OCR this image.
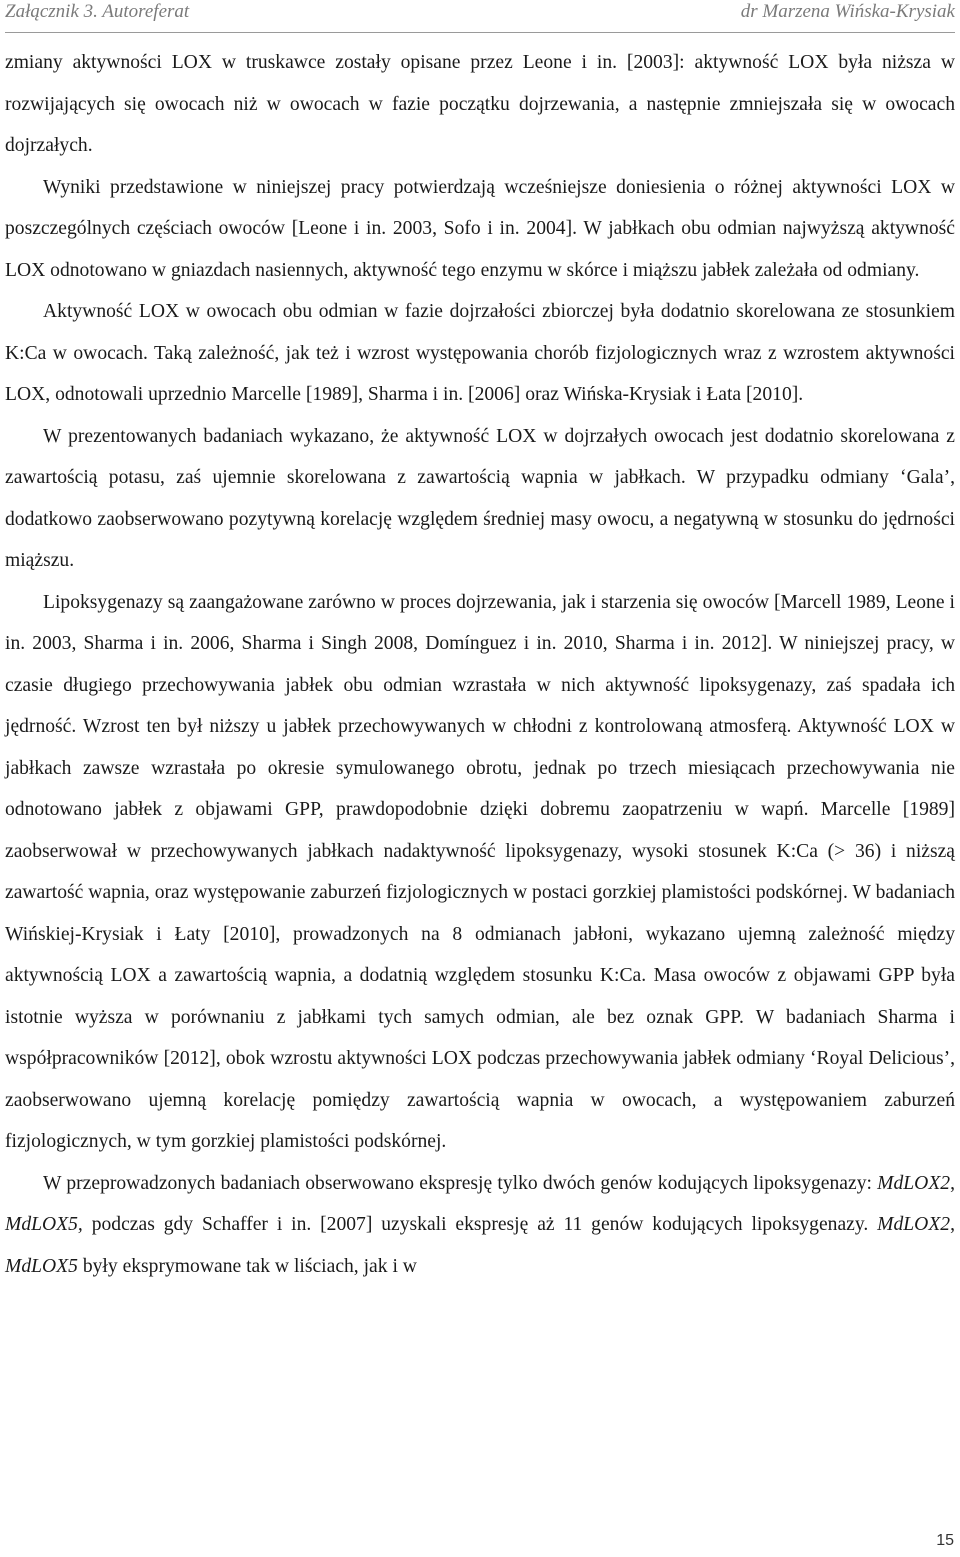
Załącznik 3. Autoreferat	dr Marzena Wińska-Krysiak

zmiany aktywności LOX w truskawce zostały opisane przez Leone i in. [2003]: aktywność LOX była niższa w rozwijających się owocach niż w owocach w fazie początku dojrzewania, a następnie zmniejszała się w owocach dojrzałych.

Wyniki przedstawione w niniejszej pracy potwierdzają wcześniejsze doniesienia o różnej aktywności LOX w poszczególnych częściach owoców [Leone i in. 2003, Sofo i in. 2004]. W jabłkach obu odmian najwyższą aktywność LOX odnotowano w gniazdach nasiennych, aktywność tego enzymu w skórce i miąższu jabłek zależała od odmiany.

Aktywność LOX w owocach obu odmian w fazie dojrzałości zbiorczej była dodatnio skorelowana ze stosunkiem K:Ca w owocach. Taką zależność, jak też i wzrost występowania chorób fizjologicznych wraz z wzrostem aktywności LOX, odnotowali uprzednio Marcelle [1989], Sharma i in. [2006] oraz Wińska-Krysiak i Łata [2010].

W prezentowanych badaniach wykazano, że aktywność LOX w dojrzałych owocach jest dodatnio skorelowana z zawartością potasu, zaś ujemnie skorelowana z zawartością wapnia w jabłkach. W przypadku odmiany ‘Gala’, dodatkowo zaobserwowano pozytywną korelację względem średniej masy owocu, a negatywną w stosunku do jędrności miąższu.

Lipoksygenazy są zaangażowane zarówno w proces dojrzewania, jak i starzenia się owoców [Marcell 1989, Leone i in. 2003, Sharma i in. 2006, Sharma i Singh 2008, Domínguez i in. 2010, Sharma i in. 2012]. W niniejszej pracy, w czasie długiego przechowywania jabłek obu odmian wzrastała w nich aktywność lipoksygenazy, zaś spadała ich jędrność. Wzrost ten był niższy u jabłek przechowywanych w chłodni z kontrolowaną atmosferą. Aktywność LOX w jabłkach zawsze wzrastała po okresie symulowanego obrotu, jednak po trzech miesiącach przechowywania nie odnotowano jabłek z objawami GPP, prawdopodobnie dzięki dobremu zaopatrzeniu w wapń. Marcelle [1989] zaobserwował w przechowywanych jabłkach nadaktywność lipoksygenazy, wysoki stosunek K:Ca (> 36) i niższą zawartość wapnia, oraz występowanie zaburzeń fizjologicznych w postaci gorzkiej plamistości podskórnej. W badaniach Wińskiej-Krysiak i Łaty [2010], prowadzonych na 8 odmianach jabłoni, wykazano ujemną zależność między aktywnością LOX a zawartością wapnia, a dodatnią względem stosunku K:Ca. Masa owoców z objawami GPP była istotnie wyższa w porównaniu z jabłkami tych samych odmian, ale bez oznak GPP. W badaniach Sharma i współpracowników [2012], obok wzrostu aktywności LOX podczas przechowywania jabłek odmiany ‘Royal Delicious’, zaobserwowano ujemną korelację pomiędzy zawartością wapnia w owocach, a występowaniem zaburzeń fizjologicznych, w tym gorzkiej plamistości podskórnej.

W przeprowadzonych badaniach obserwowano ekspresję tylko dwóch genów kodujących lipoksygenazy: MdLOX2, MdLOX5, podczas gdy Schaffer i in. [2007] uzyskali ekspresję aż 11 genów kodujących lipoksygenazy. MdLOX2, MdLOX5 były eksprymowane tak w liściach, jak i w

15
